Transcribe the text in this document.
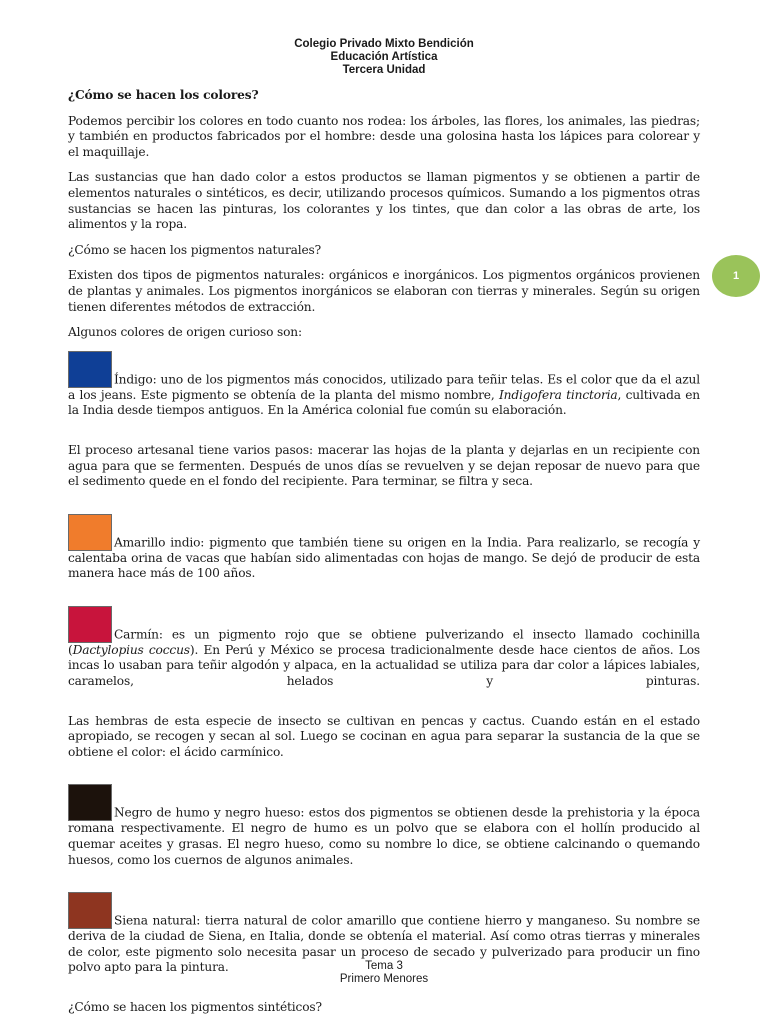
Colegio Privado Mixto Bendición
Educación Artística
Tercera Unidad
1

¿Cómo se hacen los colores?

Podemos percibir los colores en todo cuanto nos rodea: los árboles, las flores, los animales, las piedras; y también en productos fabricados por el hombre: desde una golosina hasta los lápices para colorear y el maquillaje.

Las sustancias que han dado color a estos productos se llaman pigmentos y se obtienen a partir de elementos naturales o sintéticos, es decir, utilizando procesos químicos. Sumando a los pigmentos otras sustancias se hacen las pinturas, los colorantes y los tintes, que dan color a las obras de arte, los alimentos y la ropa.

¿Cómo se hacen los pigmentos naturales?

Existen dos tipos de pigmentos naturales: orgánicos e inorgánicos. Los pigmentos orgánicos provienen de plantas y animales. Los pigmentos inorgánicos se elaboran con tierras y minerales. Según su origen tienen diferentes métodos de extracción.

Algunos colores de origen curioso son:

Índigo: uno de los pigmentos más conocidos, utilizado para teñir telas. Es el color que da el azul a los jeans. Este pigmento se obtenía de la planta del mismo nombre, Indigofera tinctoria, cultivada en la India desde tiempos antiguos. En la América colonial fue común su elaboración.

El proceso artesanal tiene varios pasos: macerar las hojas de la planta y dejarlas en un recipiente con agua para que se fermenten. Después de unos días se revuelven y se dejan reposar de nuevo para que el sedimento quede en el fondo del recipiente. Para terminar, se filtra y seca.

Amarillo indio: pigmento que también tiene su origen en la India. Para realizarlo, se recogía y calentaba orina de vacas que habían sido alimentadas con hojas de mango. Se dejó de producir de esta manera hace más de 100 años.

Carmín: es un pigmento rojo que se obtiene pulverizando el insecto llamado cochinilla (Dactylopius coccus). En Perú y México se procesa tradicionalmente desde hace cientos de años. Los incas lo usaban para teñir algodón y alpaca, en la actualidad se utiliza para dar color a lápices labiales, caramelos, helados y pinturas.

Las hembras de esta especie de insecto se cultivan en pencas y cactus. Cuando están en el estado apropiado, se recogen y secan al sol. Luego se cocinan en agua para separar la sustancia de la que se obtiene el color: el ácido carmínico.

Negro de humo y negro hueso: estos dos pigmentos se obtienen desde la prehistoria y la época romana respectivamente. El negro de humo es un polvo que se elabora con el hollín producido al quemar aceites y grasas. El negro hueso, como su nombre lo dice, se obtiene calcinando o quemando huesos, como los cuernos de algunos animales.

Siena natural: tierra natural de color amarillo que contiene hierro y manganeso. Su nombre se deriva de la ciudad de Siena, en Italia, donde se obtenía el material. Así como otras tierras y minerales de color, este pigmento solo necesita pasar un proceso de secado y pulverizado para producir un fino polvo apto para la pintura.

¿Cómo se hacen los pigmentos sintéticos?

Tema 3
Primero Menores
